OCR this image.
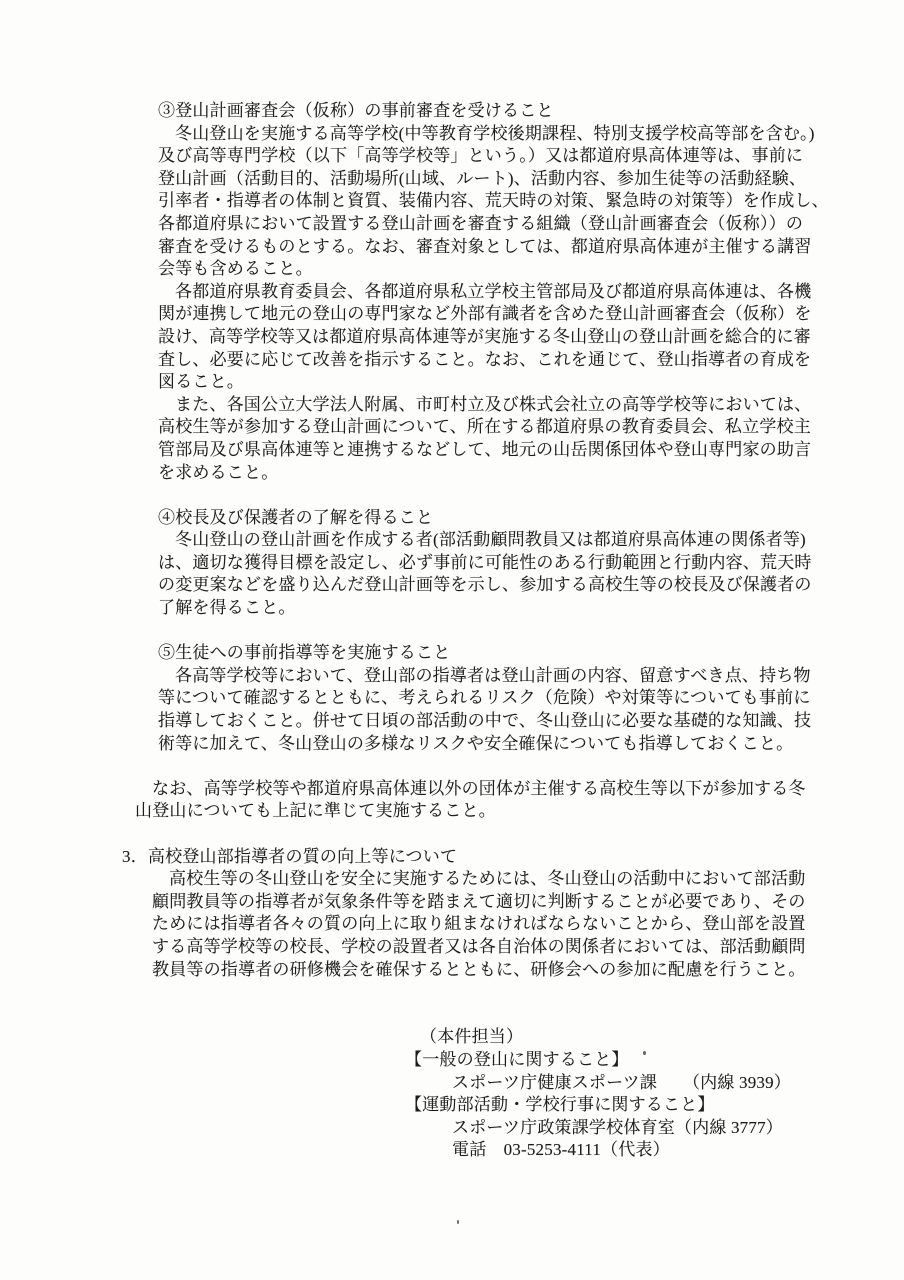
③登山計画審査会（仮称）の事前審査を受けること
冬山登山を実施する高等学校(中等教育学校後期課程、特別支援学校高等部を含む。)
及び高等専門学校（以下「高等学校等」という。）又は都道府県高体連等は、事前に
登山計画（活動目的、活動場所(山域、ルート)、活動内容、参加生徒等の活動経験、
引率者・指導者の体制と資質、装備内容、荒天時の対策、緊急時の対策等）を作成し、
各都道府県において設置する登山計画を審査する組織（登山計画審査会（仮称））の
審査を受けるものとする。なお、審査対象としては、都道府県高体連が主催する講習
会等も含めること。
各都道府県教育委員会、各都道府県私立学校主管部局及び都道府県高体連は、各機
関が連携して地元の登山の専門家など外部有識者を含めた登山計画審査会（仮称）を
設け、高等学校等又は都道府県高体連等が実施する冬山登山の登山計画を総合的に審
査し、必要に応じて改善を指示すること。なお、これを通じて、登山指導者の育成を
図ること。
また、各国公立大学法人附属、市町村立及び株式会社立の高等学校等においては、
高校生等が参加する登山計画について、所在する都道府県の教育委員会、私立学校主
管部局及び県高体連等と連携するなどして、地元の山岳関係団体や登山専門家の助言
を求めること。
④校長及び保護者の了解を得ること
冬山登山の登山計画を作成する者(部活動顧問教員又は都道府県高体連の関係者等)
は、適切な獲得目標を設定し、必ず事前に可能性のある行動範囲と行動内容、荒天時
の変更案などを盛り込んだ登山計画等を示し、参加する高校生等の校長及び保護者の
了解を得ること。
⑤生徒への事前指導等を実施すること
各高等学校等において、登山部の指導者は登山計画の内容、留意すべき点、持ち物
等について確認するとともに、考えられるリスク（危険）や対策等についても事前に
指導しておくこと。併せて日頃の部活動の中で、冬山登山に必要な基礎的な知識、技
術等に加えて、冬山登山の多様なリスクや安全確保についても指導しておくこと。
なお、高等学校等や都道府県高体連以外の団体が主催する高校生等以下が参加する冬
山登山についても上記に準じて実施すること。
3．高校登山部指導者の質の向上等について
高校生等の冬山登山を安全に実施するためには、冬山登山の活動中において部活動
顧問教員等の指導者が気象条件等を踏まえて適切に判断することが必要であり、その
ためには指導者各々の質の向上に取り組まなければならないことから、登山部を設置
する高等学校等の校長、学校の設置者又は各自治体の関係者においては、部活動顧問
教員等の指導者の研修機会を確保するとともに、研修会への参加に配慮を行うこと。
（本件担当）
【一般の登山に関すること】
スポーツ庁健康スポーツ課　　（内線 3939）
【運動部活動・学校行事に関すること】
スポーツ庁政策課学校体育室（内線 3777）
電話　03-5253-4111（代表）
